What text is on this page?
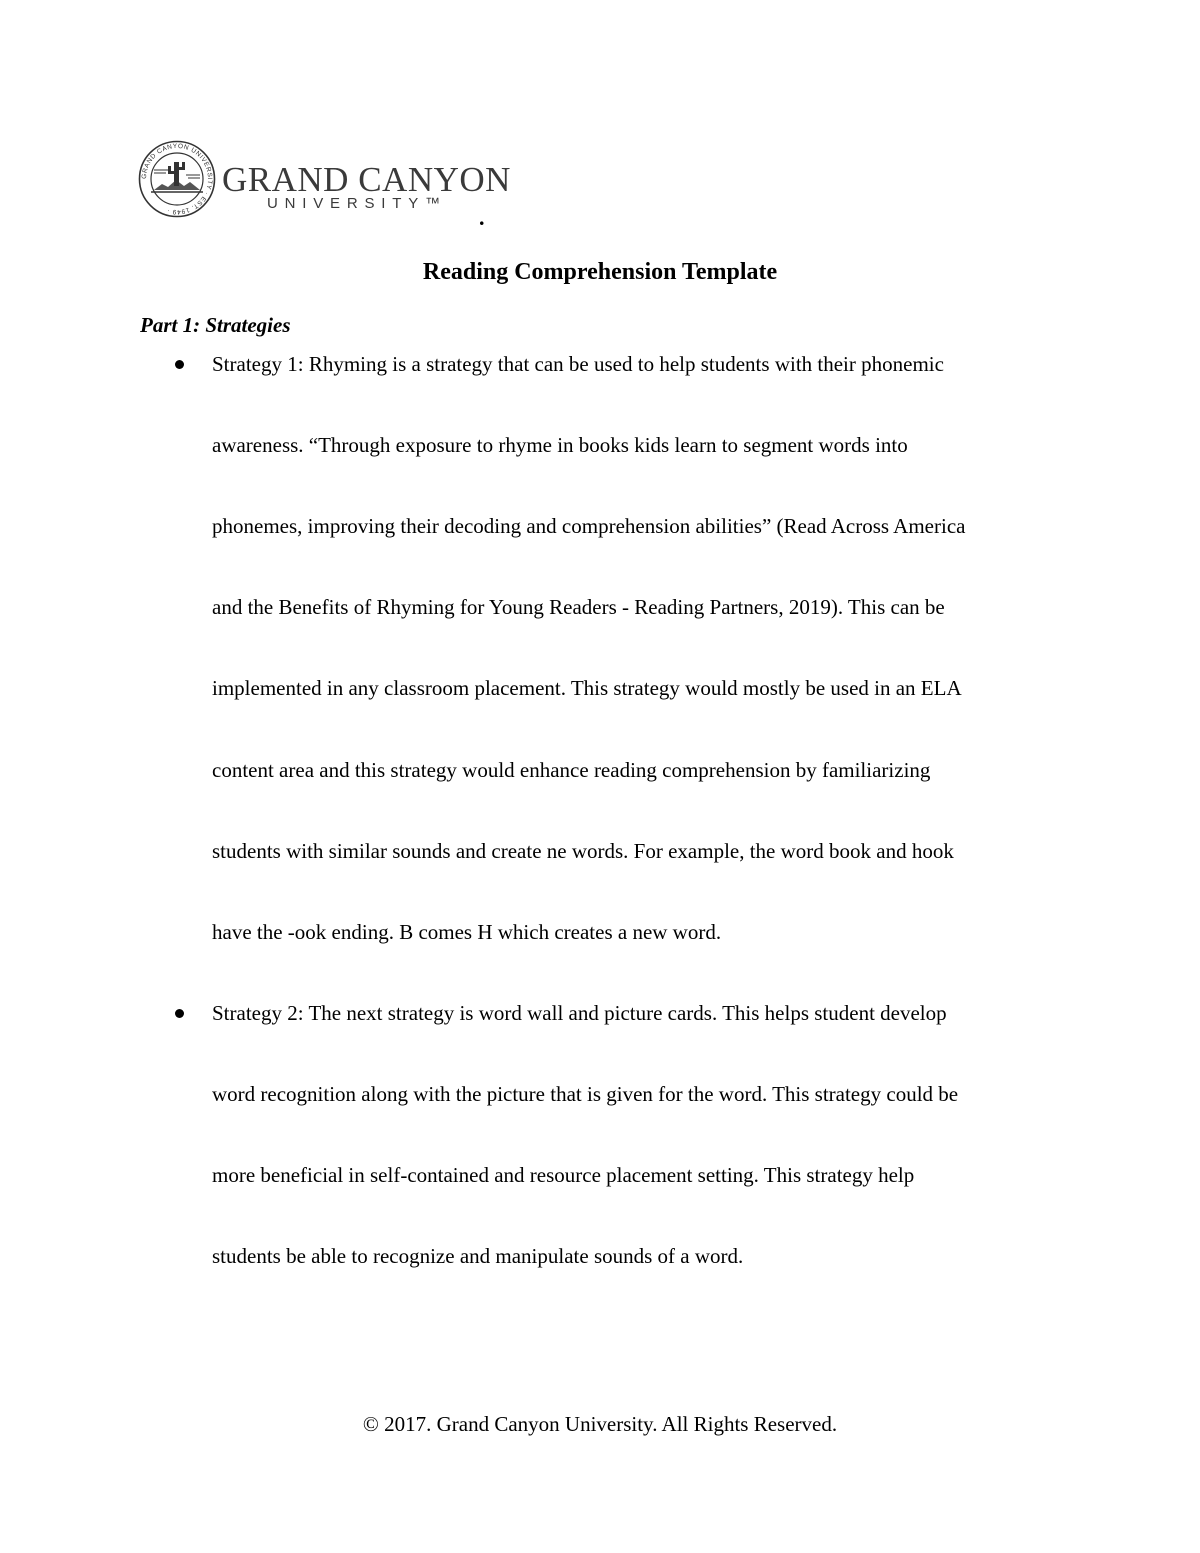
GRAND CANYON UNIVERSITY · EST. 1949 ·
GRAND CANYON
UNIVERSITY™
.
Reading Comprehension Template
Part 1: Strategies
Strategy 1: Rhyming is a strategy that can be used to help students with their phonemic
awareness. “Through exposure to rhyme in books kids learn to segment words into
phonemes, improving their decoding and comprehension abilities” (Read Across America
and the Benefits of Rhyming for Young Readers - Reading Partners, 2019). This can be
implemented in any classroom placement. This strategy would mostly be used in an ELA
content area and this strategy would enhance reading comprehension by familiarizing
students with similar sounds and create ne words. For example, the word book and hook
have the -ook ending. B comes H which creates a new word.
Strategy 2: The next strategy is word wall and picture cards. This helps student develop
word recognition along with the picture that is given for the word. This strategy could be
more beneficial in self-contained and resource placement setting. This strategy help
students be able to recognize and manipulate sounds of a word.
© 2017. Grand Canyon University. All Rights Reserved.
